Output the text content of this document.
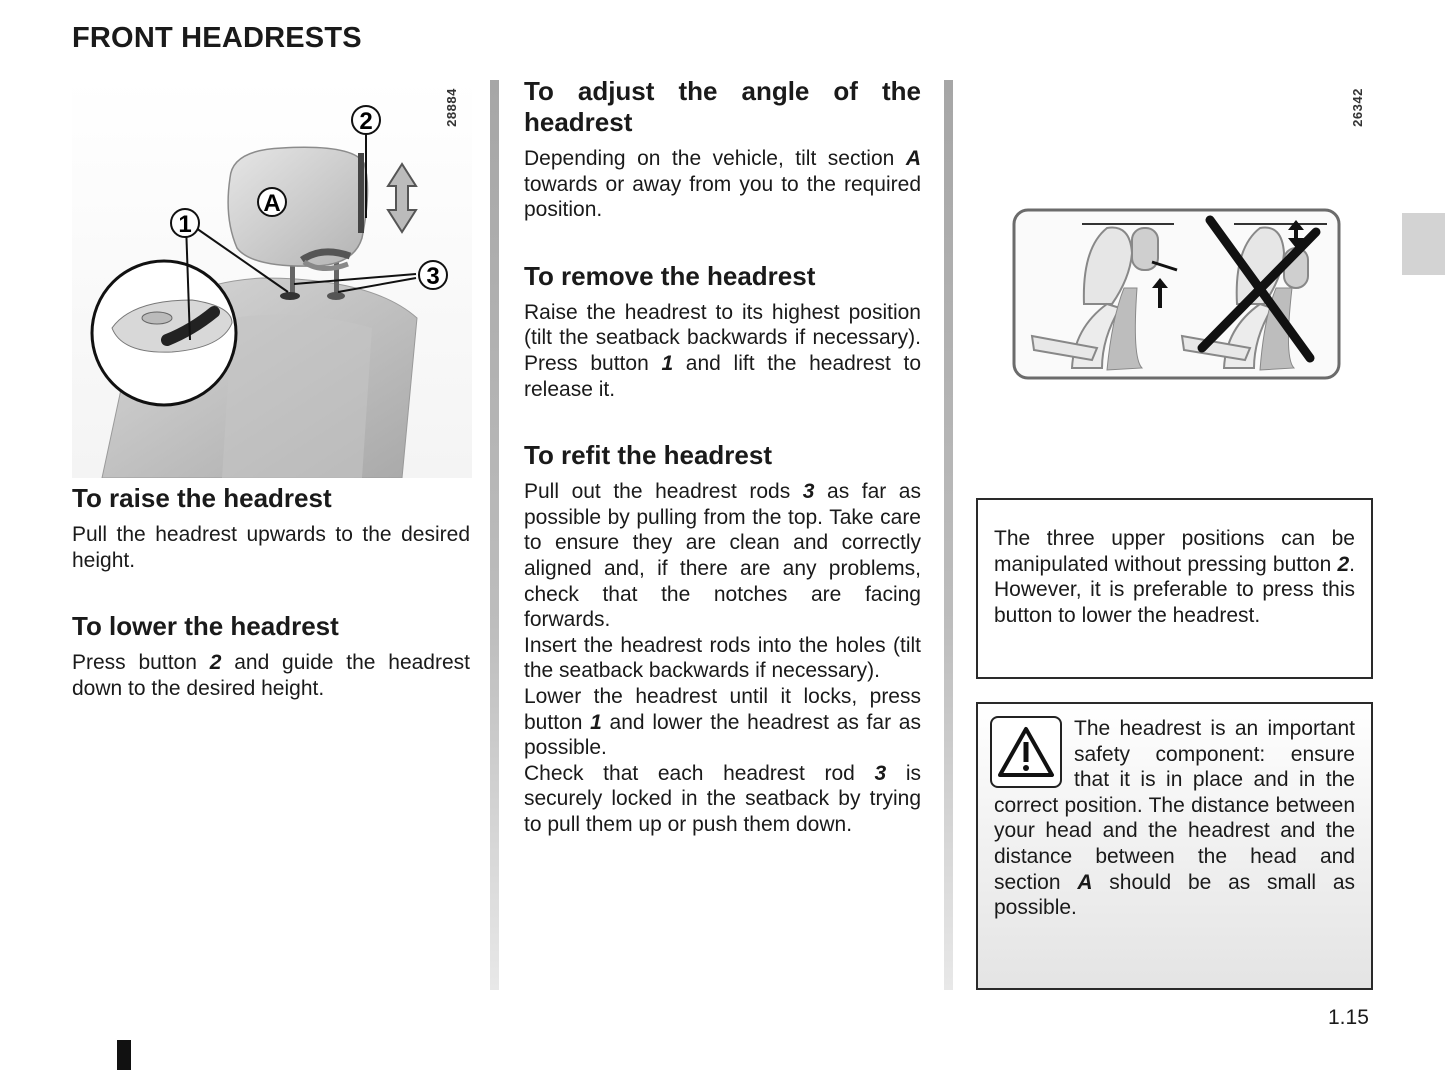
FRONT HEADRESTS
2
1
A
3
28884
To raise the headrest

Pull the headrest upwards to the desired height.

To lower the headrest

Press button 2 and guide the headrest down to the desired height.

To adjust the angle of the headrest

Depending on the vehicle, tilt section A towards or away from you to the required position.

To remove the headrest

Raise the headrest to its highest position (tilt the seatback backwards if necessary). Press button 1 and lift the headrest to release it.

To refit the headrest

Pull out the headrest rods 3 as far as possible by pulling from the top. Take care to ensure they are clean and correctly aligned and, if there are any problems, check that the notches are facing forwards.

Insert the headrest rods into the holes (tilt the seatback backwards if necessary).

Lower the headrest until it locks, press button 1 and lower the headrest as far as possible.

Check that each headrest rod 3 is securely locked in the seatback by trying to pull them up or push them down.

26342

The three upper positions can be manipulated without pressing button 2. However, it is preferable to press this button to lower the headrest.

The headrest is an important safety component: ensure that it is in place and in the correct position. The distance between your head and the headrest and the distance between the head and section A should be as small as possible.

1.15
